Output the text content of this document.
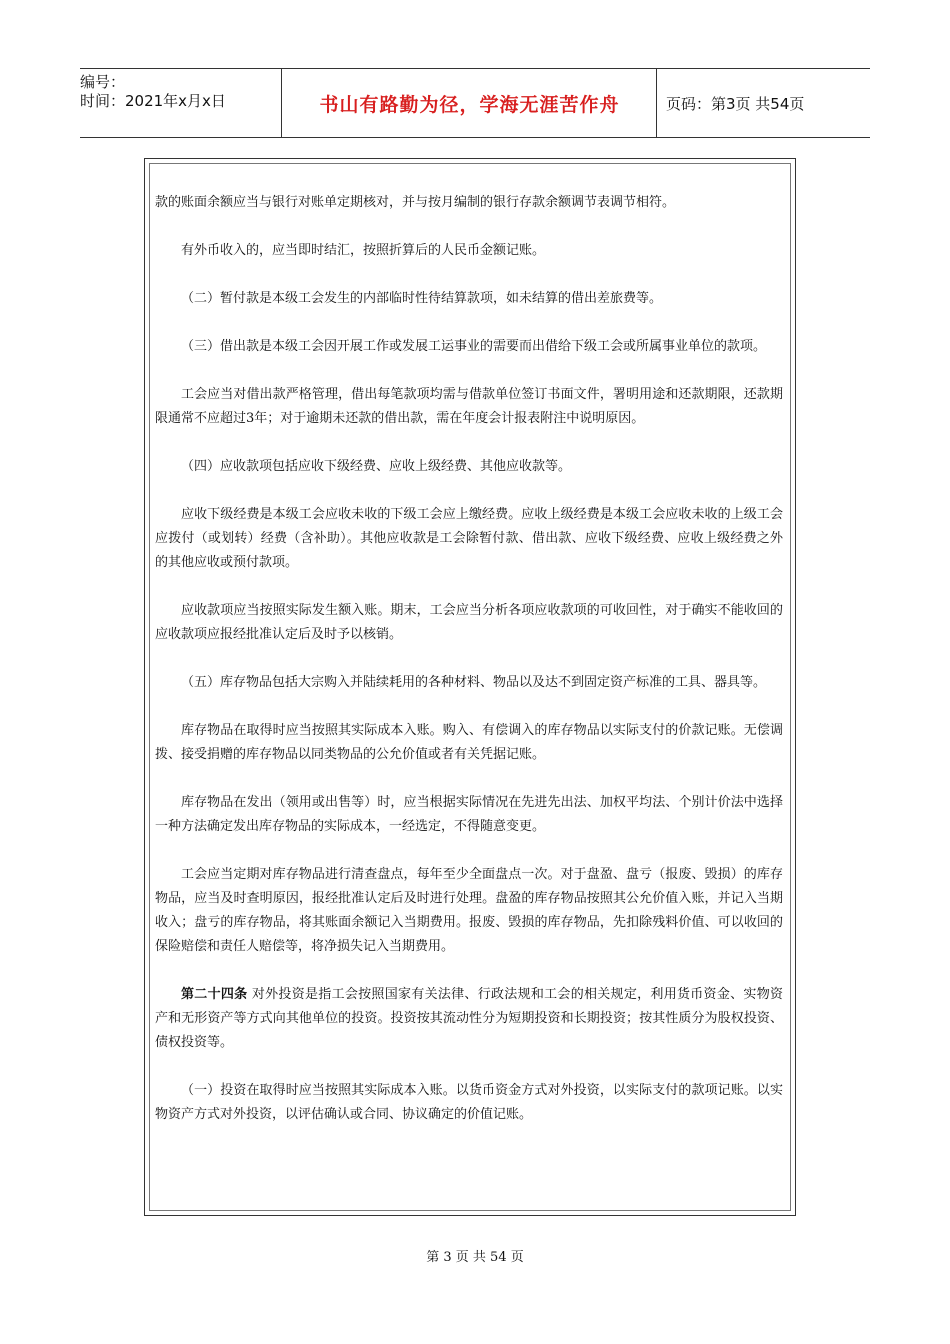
编号：
时间：2021年x月x日	书山有路勤为径，学海无涯苦作舟	页码：第3页 共54页

款的账面余额应当与银行对账单定期核对，并与按月编制的银行存款余额调节表调节相符。

有外币收入的，应当即时结汇，按照折算后的人民币金额记账。

（二）暂付款是本级工会发生的内部临时性待结算款项，如未结算的借出差旅费等。

（三）借出款是本级工会因开展工作或发展工运事业的需要而出借给下级工会或所属事业单位的款项。

工会应当对借出款严格管理，借出每笔款项均需与借款单位签订书面文件，署明用途和还款期限，还款期限通常不应超过3年；对于逾期未还款的借出款，需在年度会计报表附注中说明原因。

（四）应收款项包括应收下级经费、应收上级经费、其他应收款等。

应收下级经费是本级工会应收未收的下级工会应上缴经费。应收上级经费是本级工会应收未收的上级工会应拨付（或划转）经费（含补助）。其他应收款是工会除暂付款、借出款、应收下级经费、应收上级经费之外的其他应收或预付款项。

应收款项应当按照实际发生额入账。期末，工会应当分析各项应收款项的可收回性，对于确实不能收回的应收款项应报经批准认定后及时予以核销。

（五）库存物品包括大宗购入并陆续耗用的各种材料、物品以及达不到固定资产标准的工具、器具等。

库存物品在取得时应当按照其实际成本入账。购入、有偿调入的库存物品以实际支付的价款记账。无偿调拨、接受捐赠的库存物品以同类物品的公允价值或者有关凭据记账。

库存物品在发出（领用或出售等）时，应当根据实际情况在先进先出法、加权平均法、个别计价法中选择一种方法确定发出库存物品的实际成本，一经选定，不得随意变更。

工会应当定期对库存物品进行清查盘点，每年至少全面盘点一次。对于盘盈、盘亏（报废、毁损）的库存物品，应当及时查明原因，报经批准认定后及时进行处理。盘盈的库存物品按照其公允价值入账，并记入当期收入；盘亏的库存物品，将其账面余额记入当期费用。报废、毁损的库存物品，先扣除残料价值、可以收回的保险赔偿和责任人赔偿等，将净损失记入当期费用。

第二十四条 对外投资是指工会按照国家有关法律、行政法规和工会的相关规定，利用货币资金、实物资产和无形资产等方式向其他单位的投资。投资按其流动性分为短期投资和长期投资；按其性质分为股权投资、债权投资等。

（一）投资在取得时应当按照其实际成本入账。以货币资金方式对外投资，以实际支付的款项记账。以实物资产方式对外投资，以评估确认或合同、协议确定的价值记账。

第 3 页 共 54 页
